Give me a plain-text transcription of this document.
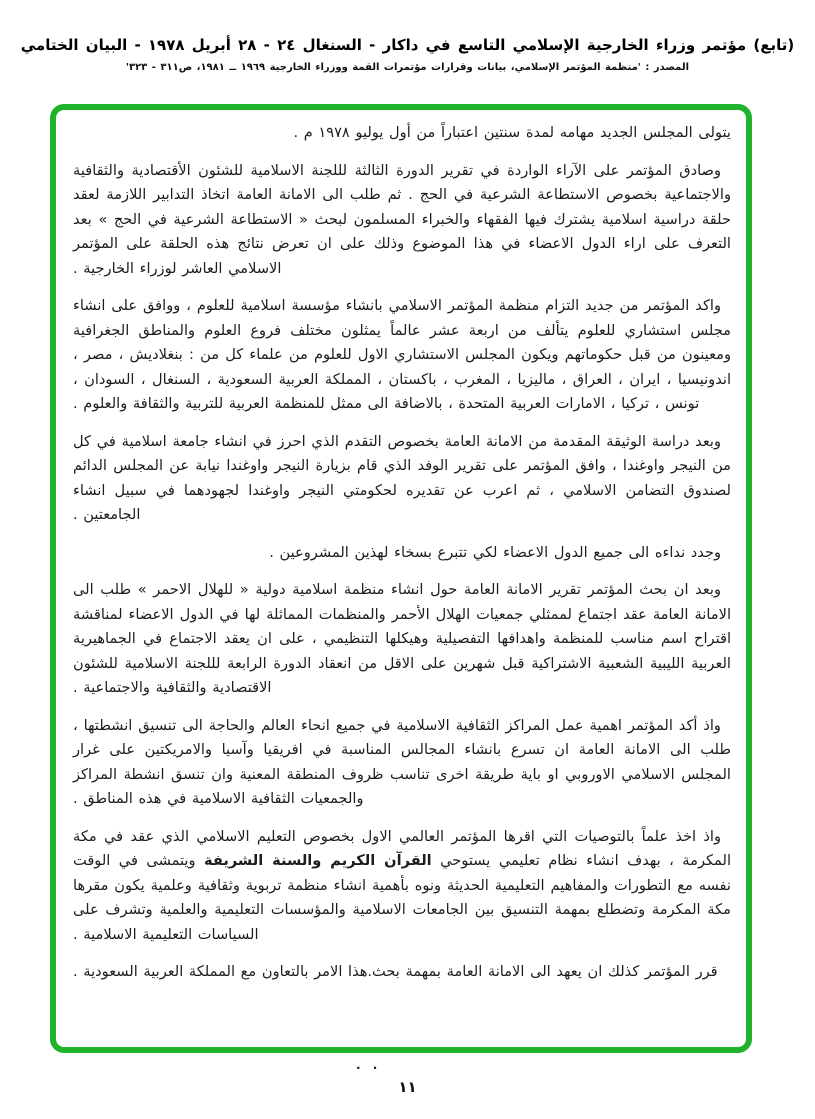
(تابع) مؤتمر وزراء الخارجية الإسلامي التاسع في داكار - السنغال ٢٤ - ٢٨ أبريل ١٩٧٨ - البيان الختامي
المصدر : 'منظمة المؤتمر الإسلامي، بيانات وقرارات مؤتمرات القمة ووزراء الخارجية ١٩٦٩ ــ ١٩٨١، ص٣١١ - ٣٢٣'

يتولى المجلس الجديد مهامه لمدة سنتين اعتباراً من أول يوليو ١٩٧٨ م .

وصادق المؤتمر على الآراء الواردة في تقرير الدورة الثالثة لللجنة الاسلامية للشئون الأقتصادية والثقافية والاجتماعية بخصوص الاستطاعة الشرعية في الحج . ثم طلب الى الامانة العامة اتخاذ التدابير اللازمة لعقد حلقة دراسية اسلامية يشترك فيها الفقهاء والخبراء المسلمون لبحث « الاستطاعة الشرعية في الحج » بعد التعرف على اراء الدول الاعضاء في هذا الموضوع وذلك على ان تعرض نتائج هذه الحلقة على المؤتمر الاسلامي العاشر لوزراء الخارجية .

واكد المؤتمر من جديد التزام منظمة المؤتمر الاسلامي بانشاء مؤسسة اسلامية للعلوم ، ووافق على انشاء مجلس استشاري للعلوم يتألف من اربعة عشر عالماً يمثلون مختلف فروع العلوم والمناطق الجغرافية ومعينون من قبل حكوماتهم ويكون المجلس الاستشاري الاول للعلوم من علماء كل من : بنغلاديش ، مصر ، اندونيسيا ، ايران ، العراق ، ماليزيا ، المغرب ، باكستان ، المملكة العربية السعودية ، السنغال ، السودان ، تونس ، تركيا ، الامارات العربية المتحدة ، بالاضافة الى ممثل للمنظمة العربية للتربية والثقافة والعلوم .

وبعد دراسة الوثيقة المقدمة من الامانة العامة بخصوص التقدم الذي احرز في انشاء جامعة اسلامية في كل من النيجر واوغندا ، وافق المؤتمر على تقرير الوفد الذي قام بزيارة النيجر واوغندا نيابة عن المجلس الدائم لصندوق التضامن الاسلامي ، ثم اعرب عن تقديره لحكومتي النيجر واوغندا لجهودهما في سبيل انشاء الجامعتين .

وجدد نداءه الى جميع الدول الاعضاء لكي تتبرع بسخاء لهذين المشروعين .

وبعد ان بحث المؤتمر تقرير الامانة العامة حول انشاء منظمة اسلامية دولية « للهلال الاحمر » طلب الى الامانة العامة عقد اجتماع لممثلي جمعيات الهلال الأحمر والمنظمات المماثلة لها في الدول الاعضاء لمناقشة اقتراح اسم مناسب للمنظمة واهدافها التفصيلية وهيكلها التنظيمي ، على ان يعقد الاجتماع في الجماهيرية العربية الليبية الشعبية الاشتراكية قبل شهرين على الاقل من انعقاد الدورة الرابعة لللجنة الاسلامية للشئون الاقتصادية والثقافية والاجتماعية .

واذ أكد المؤتمر اهمية عمل المراكز الثقافية الاسلامية في جميع انحاء العالم والحاجة الى تنسيق انشطتها ، طلب الى الامانة العامة ان تسرع بانشاء المجالس المناسبة في افريقيا وآسيا والامريكتين على غرار المجلس الاسلامي الاوروبي او باية طريقة اخرى تناسب ظروف المنطقة المعنية وان تنسق انشطة المراكز والجمعيات الثقافية الاسلامية في هذه المناطق .

واذ اخذ علماً بالتوصيات التي اقرها المؤتمر العالمي الاول بخصوص التعليم الاسلامي الذي عقد في مكة المكرمة ، بهدف انشاء نظام تعليمي يستوحي القرآن الكريم والسنة الشريفة ويتمشى في الوقت نفسه مع التطورات والمفاهيم التعليمية الحديثة ونوه بأهمية انشاء منظمة تربوية وثقافية وعلمية يكون مقرها مكة المكرمة وتضطلع بمهمة التنسيق بين الجامعات الاسلامية والمؤسسات التعليمية والعلمية وتشرف على السياسات التعليمية الاسلامية .

قرر المؤتمر كذلك ان يعهد الى الامانة العامة بمهمة بحث.هذا الامر بالتعاون مع المملكة العربية السعودية .

. .
١١
